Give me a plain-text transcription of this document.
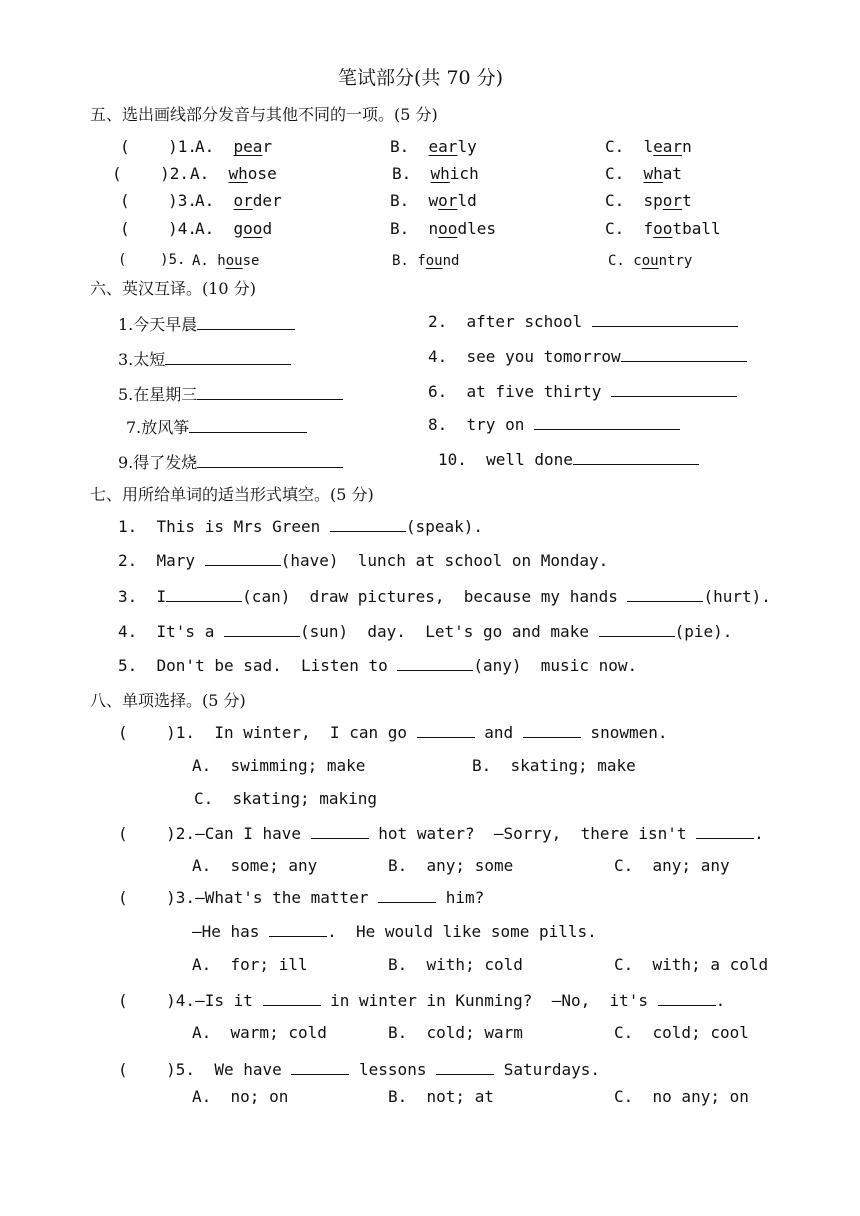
笔试部分(共 70 分)
五、选出画线部分发音与其他不同的一项。(5 分)
(    )1.
A. pear	B. early	C. learn
(    )2. A. whose	B. which	C. what
(    )3.
A. order	B. world	C. sport
(    )4.
A. good	B. noodles	C. football
(    )5. A. house	B. found	C. country
六、英汉互译。(10 分)
1.今天早晨
3.太短
5.在星期三
7.放风筝
9.得了发烧
2.  after school
4.  see you tomorrow
6.  at five thirty
8.  try on
10.  well done
七、用所给单词的适当形式填空。(5 分)
1.  This is Mrs Green	(speak).
2.  Mary	(have)  lunch at school on Monday.
3.  I	(can)  draw pictures,  because my hands	(hurt).
4.  It's a	(sun)  day.  Let's go and make	(pie).
5.  Don't be sad.  Listen to	(any)  music now.
八、单项选择。(5 分)
(    )1. In winter,  I can go	and	snowmen.
A.  swimming; make	B.  skating; make
C.  skating; making
(    )2.—Can I have	hot water?  —Sorry,  there isn't	.
A.  some; any	B.  any; some	C.  any; any
(    )3.—What's the matter	him?
—He has	.  He would like some pills.
A.  for; ill	B.  with; cold	C.  with; a cold
(    )4.—Is it	in winter in Kunming?  —No,  it's	.
A.  warm; cold	B.  cold; warm	C.  cold; cool
(    )5. We have	lessons	Saturdays.
A.  no; on	B.  not; at	C.  no any; on
